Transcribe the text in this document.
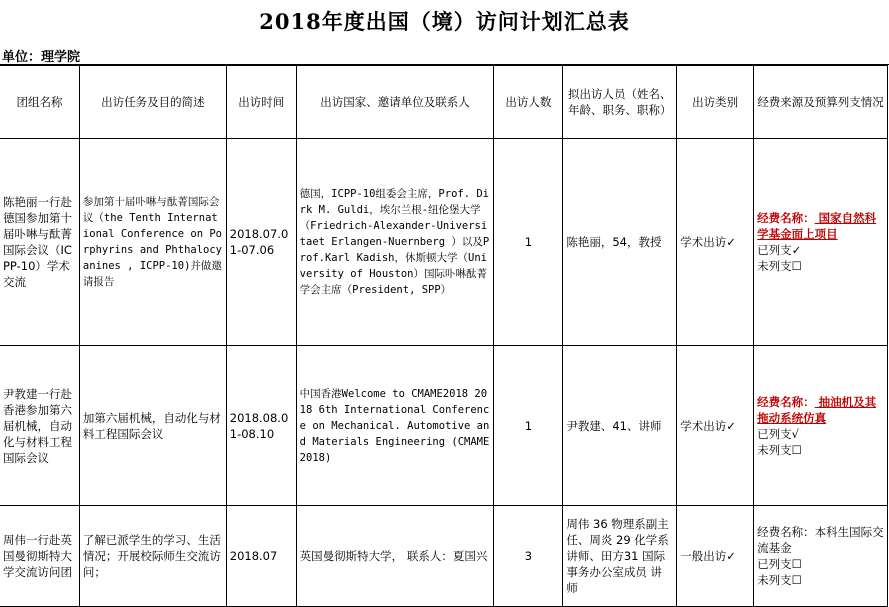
2018年度出国（境）访问计划汇总表
单位：理学院
团组名称	出访任务及目的简述	出访时间	出访国家、邀请单位及联系人	出访人数	拟出访人员（姓名、年龄、职务、职称）	出访类别	经费来源及预算列支情况
陈艳丽一行赴德国参加第十届卟啉与酞菁国际会议（ICPP-10）学术交流	参加第十届卟啉与酞菁国际会议（the Tenth International Conference on Porphyrins and Phthalocyanines , ICPP-10)并做邀请报告	2018.07.01-07.06	德国，ICPP-10组委会主席，Prof. Dirk M. Guldi，埃尔兰根-纽伦堡大学（Friedrich-Alexander-Universitaet Erlangen-Nuernberg ）以及Prof.Karl Kadish，休斯顿大学（University of Houston）国际卟啉酞菁学会主席（President, SPP）	1	陈艳丽，54，教授	学术出访✓	经费名称： 国家自然科学基金面上项目
已列支✓
未列支☐
尹教建一行赴香港参加第六届机械，自动化与材料工程国际会议	加第六届机械，自动化与材料工程国际会议	2018.08.01-08.10	中国香港Welcome to CMAME2018 2018 6th International Conference on Mechanical. Automotive and Materials Engineering (CMAME 2018)	1	尹教建、41、讲师	学术出访✓	经费名称： 抽油机及其拖动系统仿真
已列支√
未列支☐
周伟一行赴英国曼彻斯特大学交流访问团	了解已派学生的学习、生活情况；开展校际师生交流访问；	2018.07	英国曼彻斯特大学， 联系人：夏国兴	3	周伟 36 物理系副主任、周炎 29 化学系讲师、田方31 国际事务办公室成员 讲师	一般出访✓	经费名称：本科生国际交流基金
已列支☐
未列支☐
